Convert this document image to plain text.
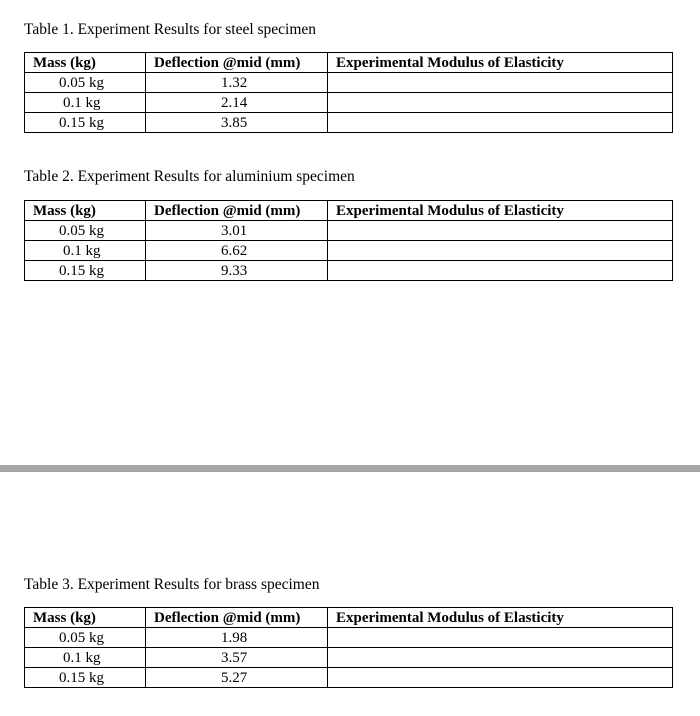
Table 1. Experiment Results for steel specimen

Mass (kg)	Deflection @mid (mm)	Experimental Modulus of Elasticity
0.05 kg	1.32	
0.1 kg	2.14	
0.15 kg	3.85	

Table 2. Experiment Results for aluminium specimen

Mass (kg)	Deflection @mid (mm)	Experimental Modulus of Elasticity
0.05 kg	3.01	
0.1 kg	6.62	
0.15 kg	9.33	

Table 3. Experiment Results for brass specimen

Mass (kg)	Deflection @mid (mm)	Experimental Modulus of Elasticity
0.05 kg	1.98	
0.1 kg	3.57	
0.15 kg	5.27	
